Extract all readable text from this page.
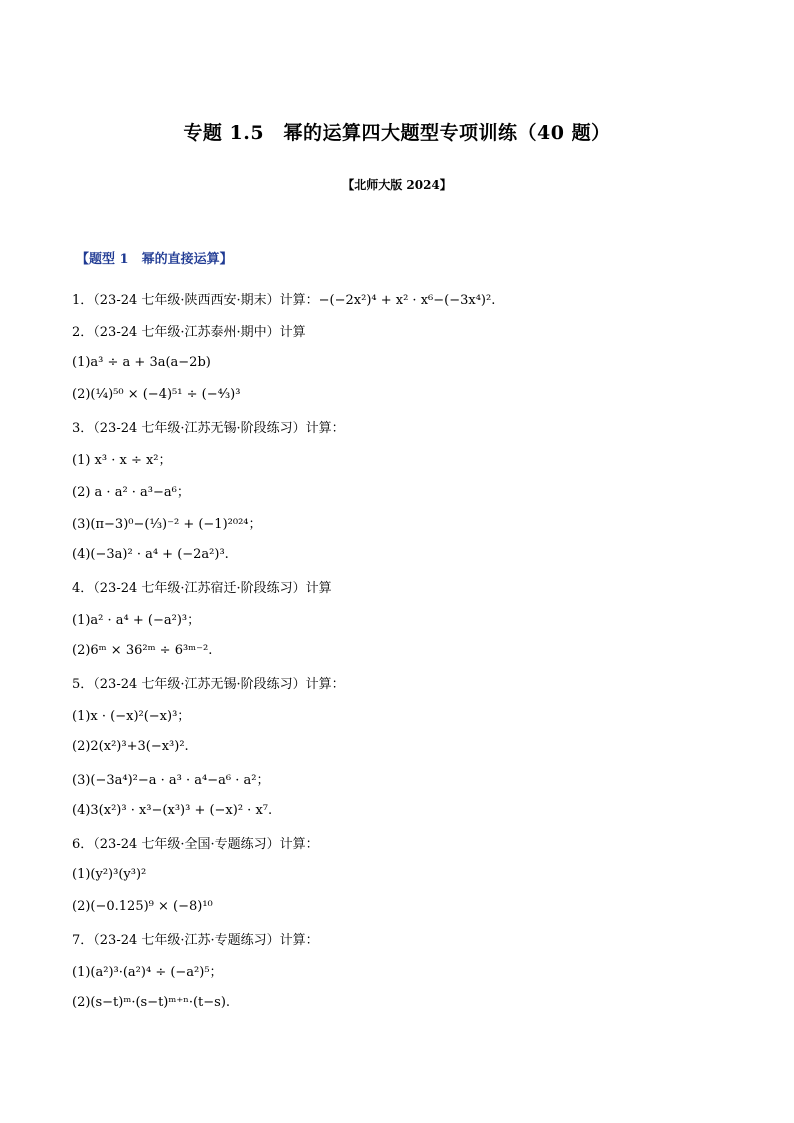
专题 1.5　幂的运算四大题型专项训练（40 题）
【北师大版 2024】
【题型 1　幂的直接运算】
1．（23-24 七年级·陕西西安·期末）计算：−(−2x²)⁴ + x² · x⁶−(−3x⁴)².
2．（23-24 七年级·江苏泰州·期中）计算
(1)a³ ÷ a + 3a(a−2b)
(2)(¹⁄₄)⁵⁰ × (−4)⁵¹ ÷ (−⁴⁄₃)³
3．（23-24 七年级·江苏无锡·阶段练习）计算：
(1) x³ · x ÷ x²；
(2) a · a² · a³−a⁶；
(3)(π−3)⁰−(¹⁄₃)⁻² + (−1)²⁰²⁴；
(4)(−3a)² · a⁴ + (−2a²)³.
4．（23-24 七年级·江苏宿迁·阶段练习）计算
(1)a² · a⁴ + (−a²)³；
(2)6ᵐ × 36²ᵐ ÷ 6³ᵐ⁻².
5．（23-24 七年级·江苏无锡·阶段练习）计算：
(1)x · (−x)²(−x)³；
(2)2(x²)³+3(−x³)².
(3)(−3a⁴)²−a · a³ · a⁴−a⁶ · a²；
(4)3(x²)³ · x³−(x³)³ + (−x)² · x⁷.
6．（23-24 七年级·全国·专题练习）计算：
(1)(y²)³(y³)²
(2)(−0.125)⁹ × (−8)¹⁰
7．（23-24 七年级·江苏·专题练习）计算：
(1)(a²)³·(a²)⁴ ÷ (−a²)⁵；
(2)(s−t)ᵐ·(s−t)ᵐ⁺ⁿ·(t−s).
